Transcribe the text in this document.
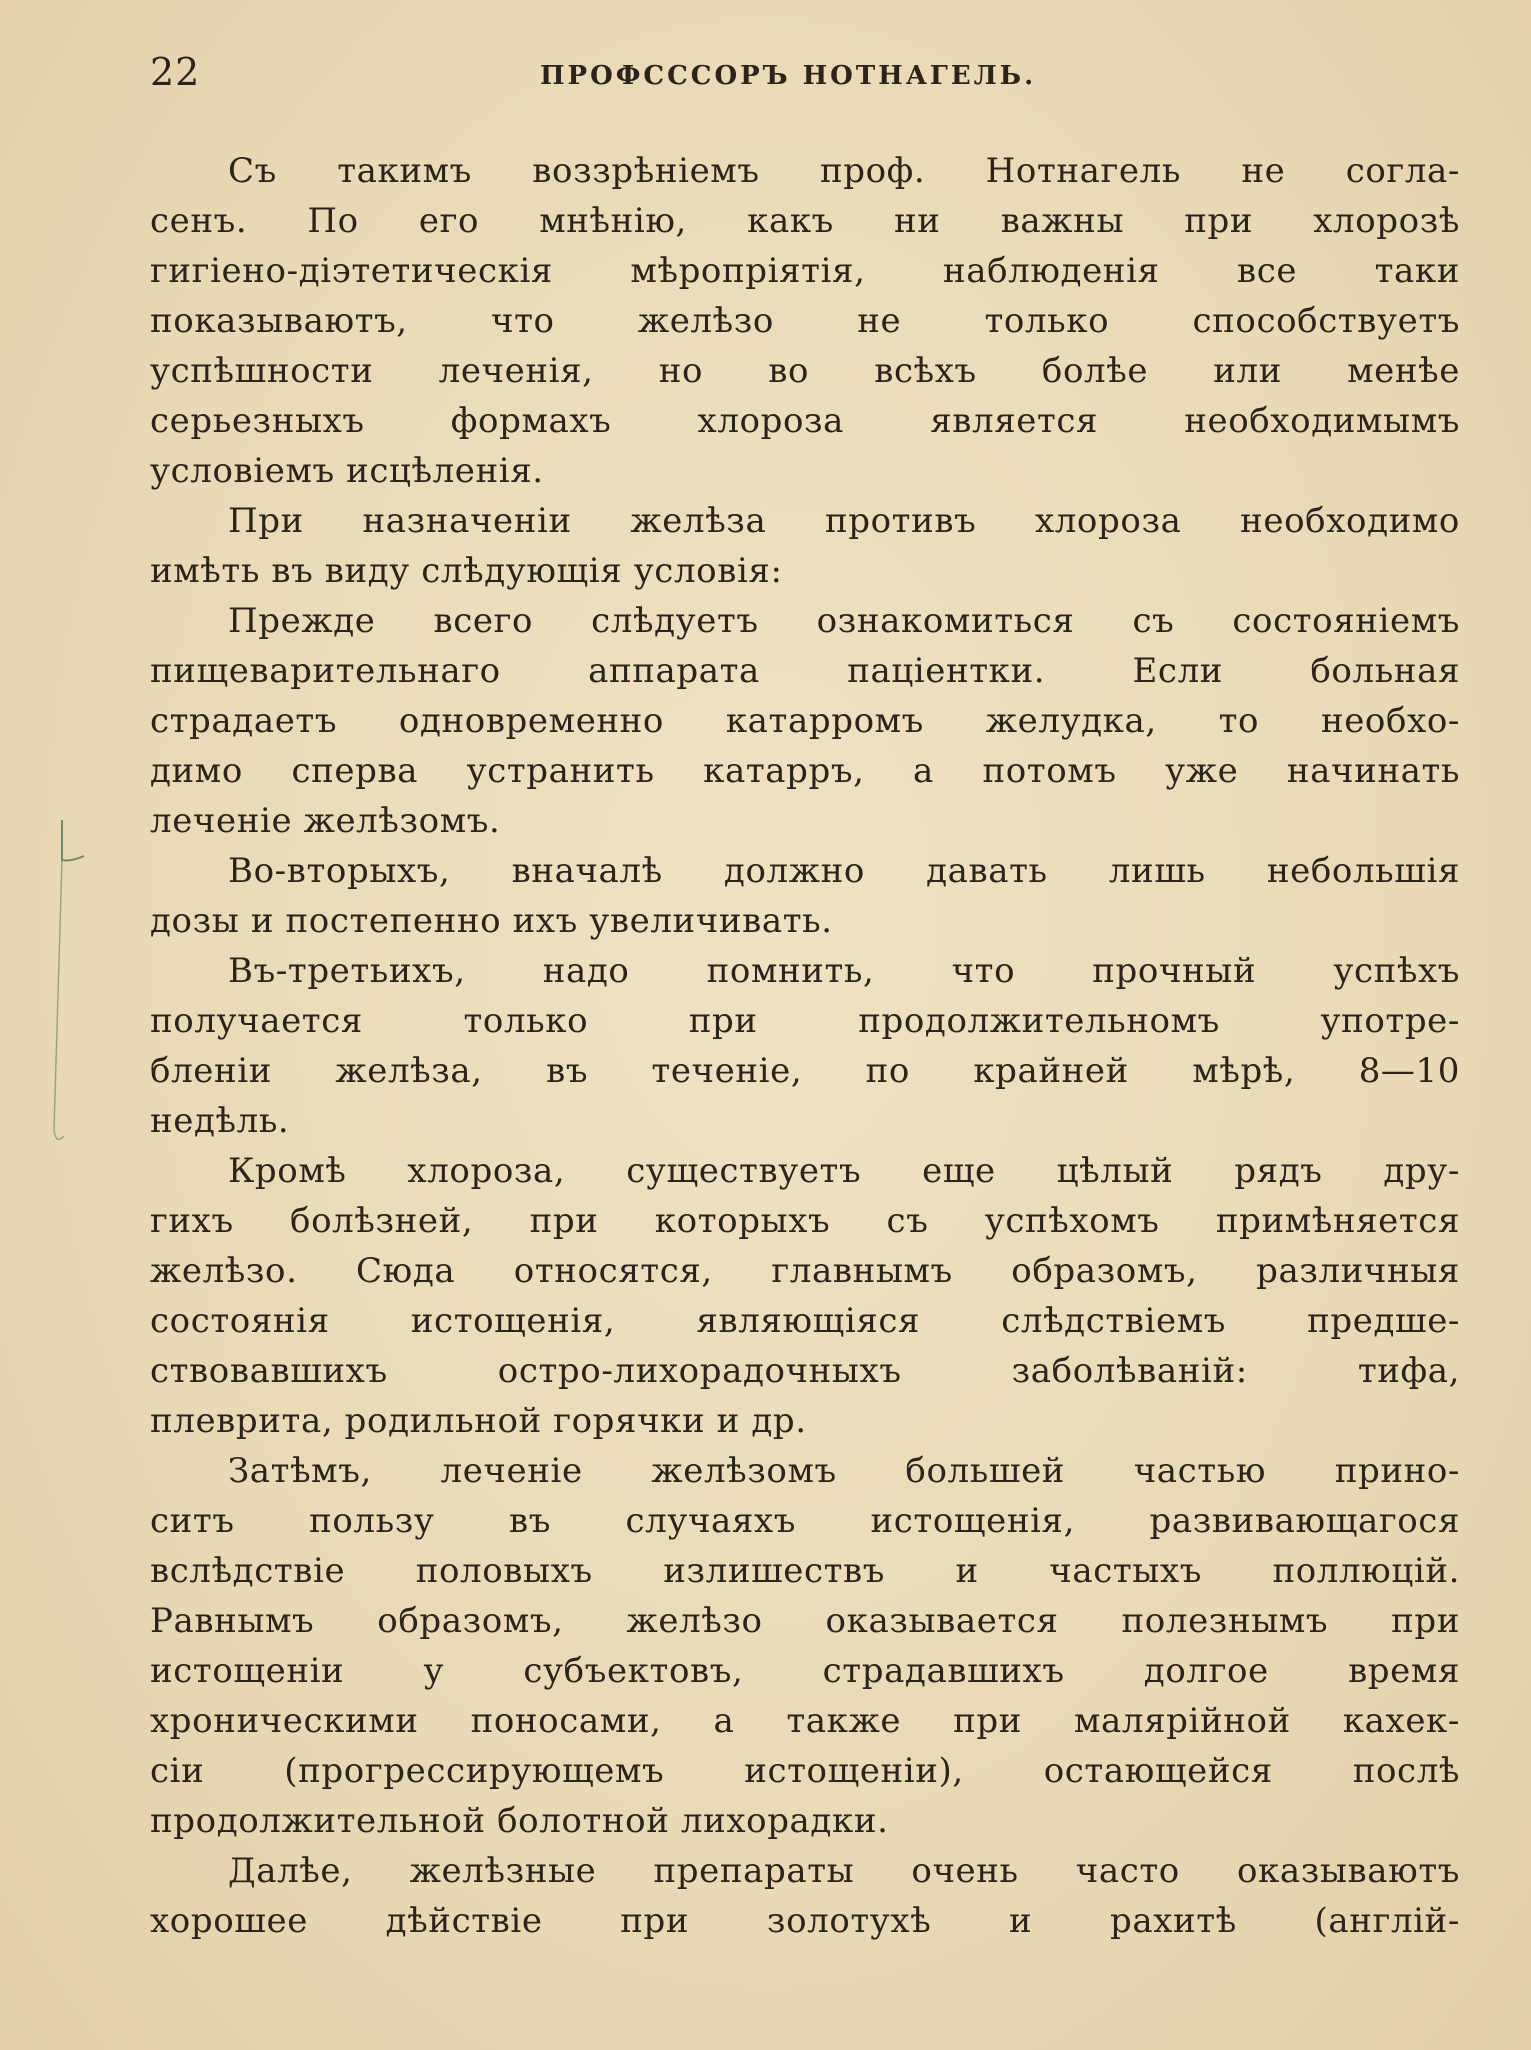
22	ПРОФСССОРЪ НОТНАГЕЛЬ.
Съ такимъ воззрѣніемъ проф. Нотнагель не согла-
сенъ. По его мнѣнію, какъ ни важны при хлорозѣ
гигіено-діэтетическія мѣропріятія, наблюденія все таки
показываютъ, что желѣзо не только способствуетъ
успѣшности леченія, но во всѣхъ болѣе или менѣе
серьезныхъ формахъ хлороза является необходимымъ
условіемъ исцѣленія.
При назначеніи желѣза противъ хлороза необходимо
имѣть въ виду слѣдующія условія:
Прежде всего слѣдуетъ ознакомиться съ состояніемъ
пищеварительнаго аппарата паціентки. Если больная
страдаетъ одновременно катарромъ желудка, то необхо-
димо сперва устранить катарръ, а потомъ уже начинать
леченіе желѣзомъ.
Во-вторыхъ, вначалѣ должно давать лишь небольшія
дозы и постепенно ихъ увеличивать.
Въ-третьихъ, надо помнить, что прочный успѣхъ
получается только при продолжительномъ употре-
бленіи желѣза, въ теченіе, по крайней мѣрѣ, 8—10
недѣль.
Кромѣ хлороза, существуетъ еще цѣлый рядъ дру-
гихъ болѣзней, при которыхъ съ успѣхомъ примѣняется
желѣзо. Сюда относятся, главнымъ образомъ, различныя
состоянія истощенія, являющіяся слѣдствіемъ предше-
ствовавшихъ остро-лихорадочныхъ заболѣваній: тифа,
плеврита, родильной горячки и др.
Затѣмъ, леченіе желѣзомъ большей частью прино-
ситъ пользу въ случаяхъ истощенія, развивающагося
вслѣдствіе половыхъ излишествъ и частыхъ поллюцій.
Равнымъ образомъ, желѣзо оказывается полезнымъ при
истощеніи у субъектовъ, страдавшихъ долгое время
хроническими поносами, а также при малярійной кахек-
сіи (прогрессирующемъ истощеніи), остающейся послѣ
продолжительной болотной лихорадки.
Далѣе, желѣзные препараты очень часто оказываютъ
хорошее дѣйствіе при золотухѣ и рахитѣ (англій-
